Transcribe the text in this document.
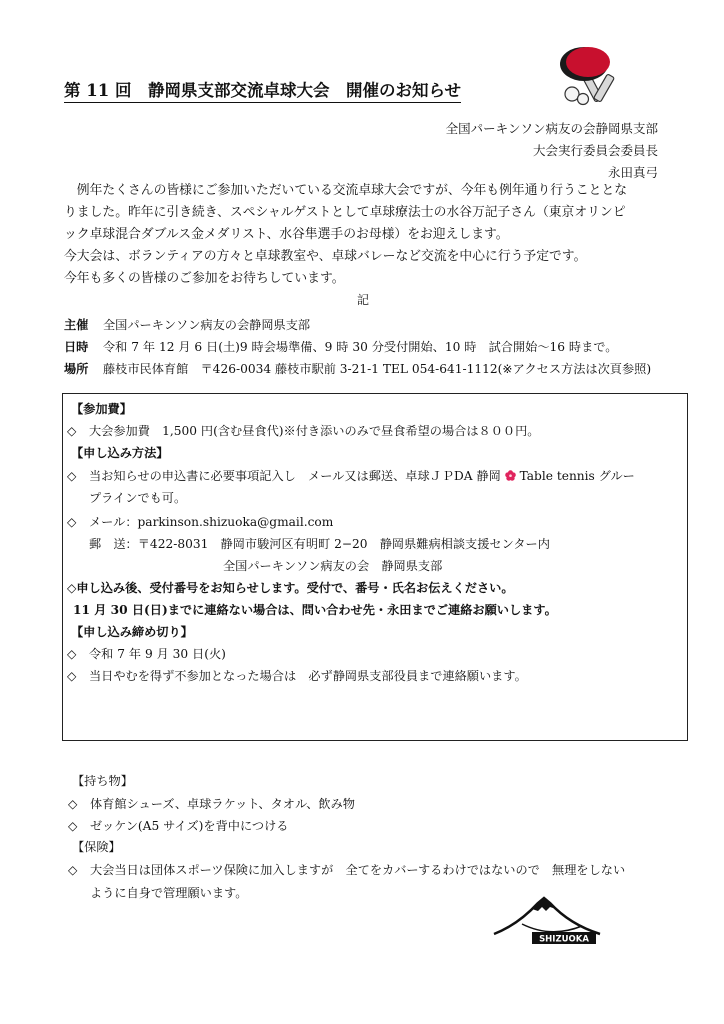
第 11 回　静岡県支部交流卓球大会　開催のお知らせ
全国パーキンソン病友の会静岡県支部
大会実行委員会委員長
永田真弓

　例年たくさんの皆様にご参加いただいている交流卓球大会ですが、今年も例年通り行うこととな

りました。昨年に引き続き、スペシャルゲストとして卓球療法士の水谷万記子さん（東京オリンピ

ック卓球混合ダブルス金メダリスト、水谷隼選手のお母様）をお迎えします。

今大会は、ボランティアの方々と卓球教室や、卓球バレーなど交流を中心に行う予定です。

今年も多くの皆様のご参加をお待ちしています。

記
主催 全国パーキンソン病友の会静岡県支部
日時 令和 7 年 12 月 6 日(土)9 時会場準備、9 時 30 分受付開始、10 時　試合開始～16 時まで。
場所 藤枝市民体育館　〒426-0034 藤枝市駅前 3-21-1 TEL 054-641-1112(※アクセス方法は次頁参照)
【参加費】
◇ 大会参加費　1,500 円(含む昼食代)※付き添いのみで昼食希望の場合は８００円。
【申し込み方法】
◇ 当お知らせの申込書に必要事項記入し　メール又は郵送、卓球ＪＰDA 静岡 Table tennis グルー
プラインでも可。
◇ メール：parkinson.shizuoka@gmail.com
郵　送：〒422-8031　静岡市駿河区有明町 2−20　静岡県難病相談支援センター内
全国パーキンソン病友の会　静岡県支部
◇申し込み後、受付番号をお知らせします。受付で、番号・氏名お伝えください。
11 月 30 日(日)までに連絡ない場合は、問い合わせ先・永田までご連絡お願いします。
【申し込み締め切り】
◇ 令和 7 年 9 月 30 日(火)
◇ 当日やむを得ず不参加となった場合は　必ず静岡県支部役員まで連絡願います。
【持ち物】
◇ 体育館シューズ、卓球ラケット、タオル、飲み物
◇ ゼッケン(A5 サイズ)を背中につける
【保険】
◇ 大会当日は団体スポーツ保険に加入しますが　全てをカバーするわけではないので　無理をしない
ように自身で管理願います。
SHIZUOKA
